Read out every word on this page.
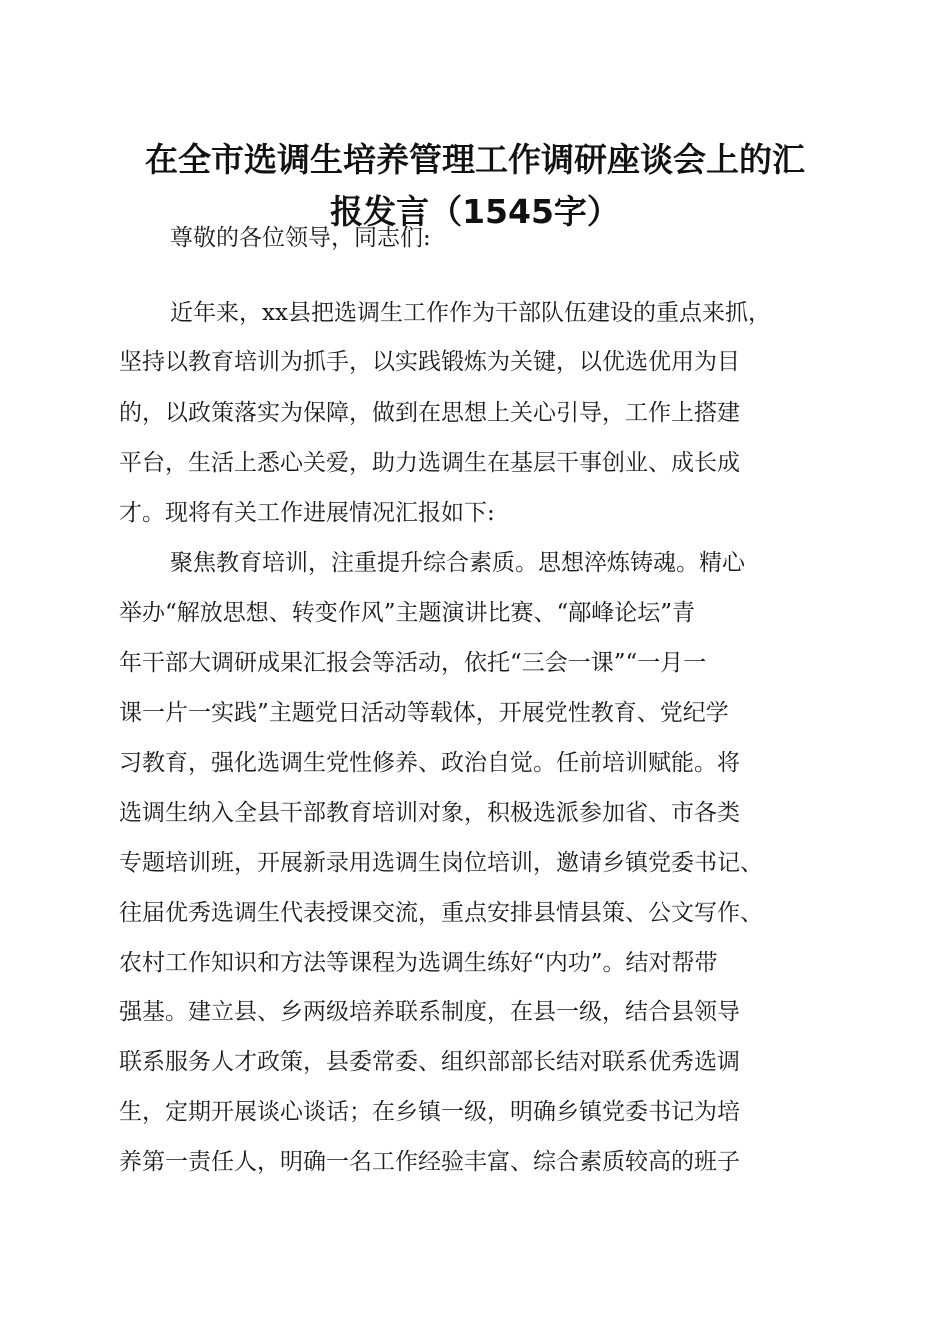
在全市选调生培养管理工作调研座谈会上的汇
报发言（1545字）
尊敬的各位领导，同志们:
近年来，xx县把选调生工作作为干部队伍建设的重点来抓，
坚持以教育培训为抓手，以实践锻炼为关键，以优选优用为目
的，以政策落实为保障，做到在思想上关心引导，工作上搭建
平台，生活上悉心关爱，助力选调生在基层干事创业、成长成
才。现将有关工作进展情况汇报如下:
聚焦教育培训，注重提升综合素质。思想淬炼铸魂。精心
举办“解放思想、转变作风”主题演讲比赛、“鄗峰论坛”青
年干部大调研成果汇报会等活动，依托“三会一课”“一月一
课一片一实践”主题党日活动等载体，开展党性教育、党纪学
习教育，强化选调生党性修养、政治自觉。任前培训赋能。将
选调生纳入全县干部教育培训对象，积极选派参加省、市各类
专题培训班，开展新录用选调生岗位培训，邀请乡镇党委书记、
往届优秀选调生代表授课交流，重点安排县情县策、公文写作、
农村工作知识和方法等课程为选调生练好“内功”。结对帮带
强基。建立县、乡两级培养联系制度，在县一级，结合县领导
联系服务人才政策，县委常委、组织部部长结对联系优秀选调
生，定期开展谈心谈话；在乡镇一级，明确乡镇党委书记为培
养第一责任人，明确一名工作经验丰富、综合素质较高的班子
